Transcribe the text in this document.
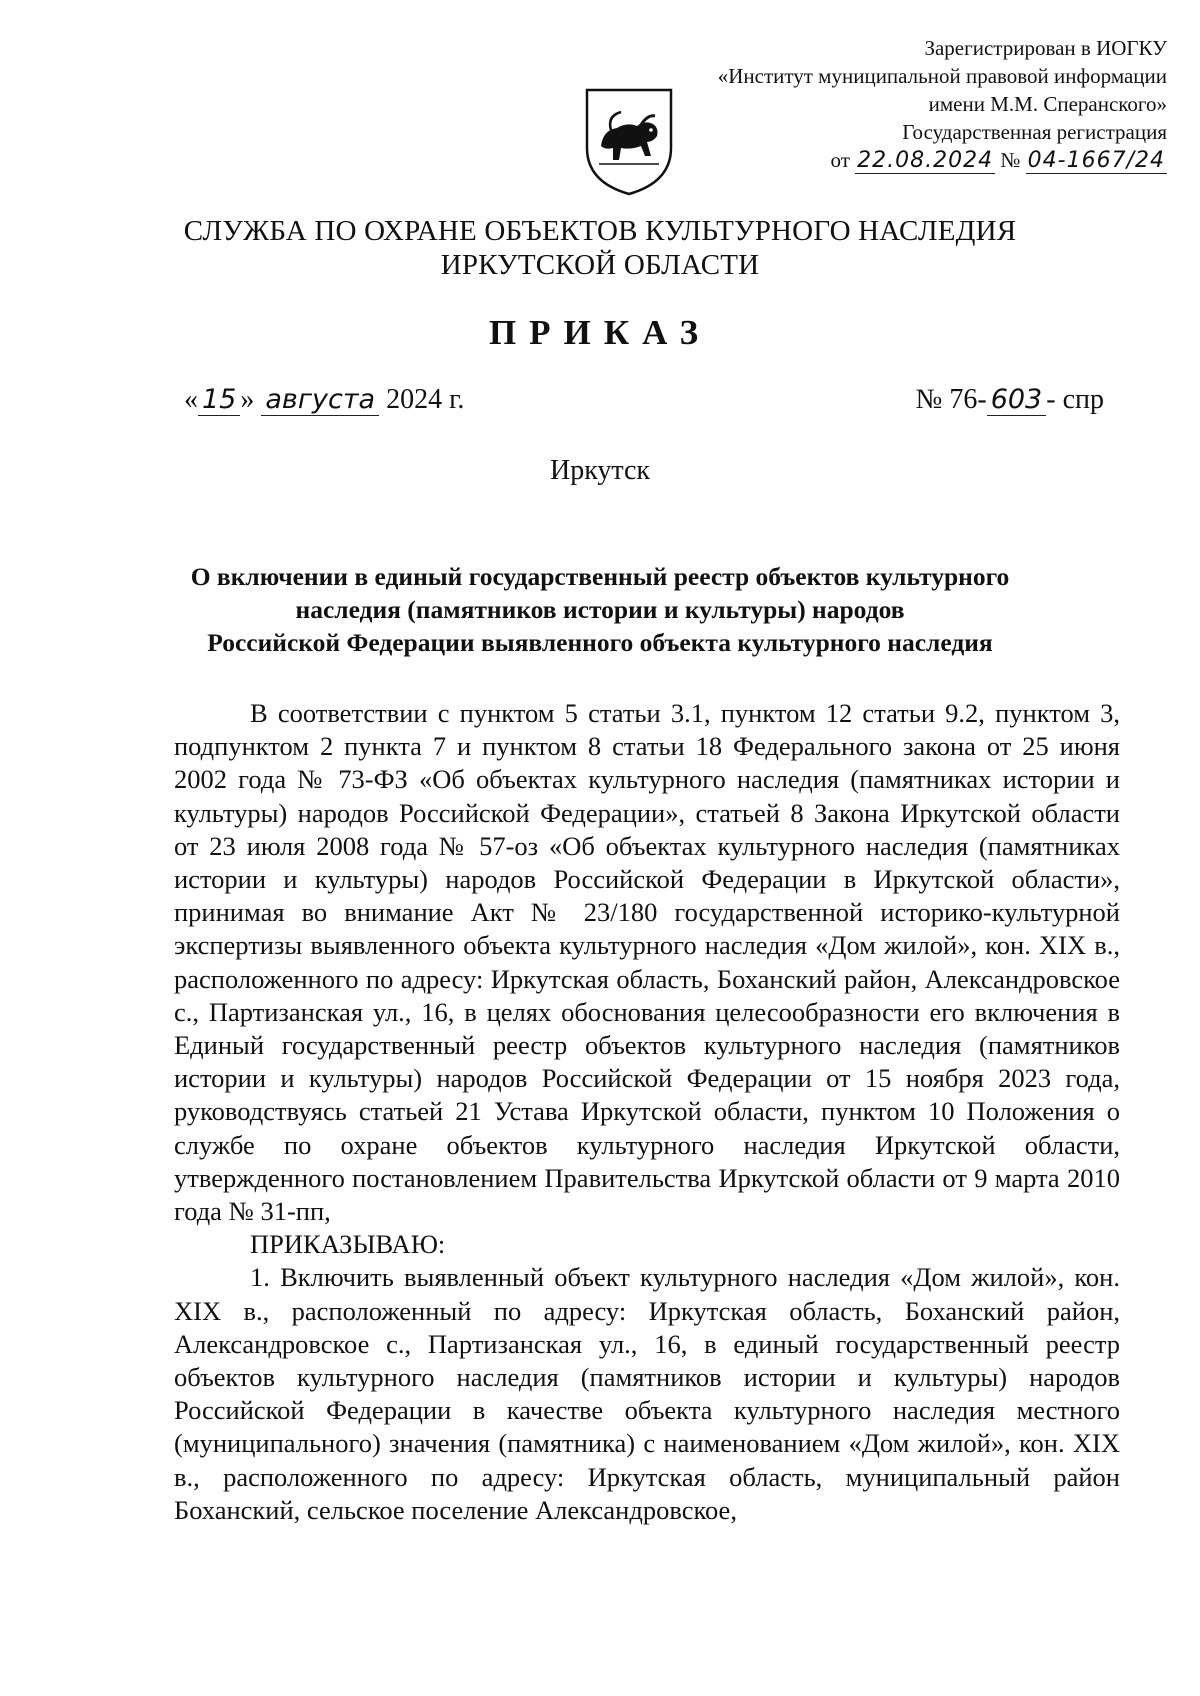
Зарегистрирован в ИОГКУ
«Институт муниципальной правовой информации
имени М.М. Сперанского»
Государственная регистрация
от 22.08.2024 № 04-1667/24
СЛУЖБА ПО ОХРАНЕ ОБЪЕКТОВ КУЛЬТУРНОГО НАСЛЕДИЯ
ИРКУТСКОЙ ОБЛАСТИ
ПРИКАЗ
« 15 » августа 2024 г.	№ 76- 603 - спр
Иркутск
О включении в единый государственный реестр объектов культурного
наследия (памятников истории и культуры) народов
Российской Федерации выявленного объекта культурного наследия

В соответствии с пунктом 5 статьи 3.1, пунктом 12 статьи 9.2, пунктом 3, подпунктом 2 пункта 7 и пунктом 8 статьи 18 Федерального закона от 25 июня 2002 года № 73-ФЗ «Об объектах культурного наследия (памятниках истории и культуры) народов Российской Федерации», статьей 8 Закона Иркутской области от 23 июля 2008 года № 57-оз «Об объектах культурного наследия (памятниках истории и культуры) народов Российской Федерации в Иркутской области», принимая во внимание Акт № 23/180 государственной историко-культурной экспертизы выявленного объекта культурного наследия «Дом жилой», кон. XIX в., расположенного по адресу: Иркутская область, Боханский район, Александровское с., Партизанская ул., 16, в целях обоснования целесообразности его включения в Единый государственный реестр объектов культурного наследия (памятников истории и культуры) народов Российской Федерации от 15 ноября 2023 года, руководствуясь статьей 21 Устава Иркутской области, пунктом 10 Положения о службе по охране объектов культурного наследия Иркутской области, утвержденного постановлением Правительства Иркутской области от 9 марта 2010 года № 31-пп,

ПРИКАЗЫВАЮ:

1. Включить выявленный объект культурного наследия «Дом жилой», кон. XIX в., расположенный по адресу: Иркутская область, Боханский район, Александровское с., Партизанская ул., 16, в единый государственный реестр объектов культурного наследия (памятников истории и культуры) народов Российской Федерации в качестве объекта культурного наследия местного (муниципального) значения (памятника) с наименованием «Дом жилой», кон. XIX в., расположенного по адресу: Иркутская область, муниципальный район Боханский, сельское поселение Александровское,
